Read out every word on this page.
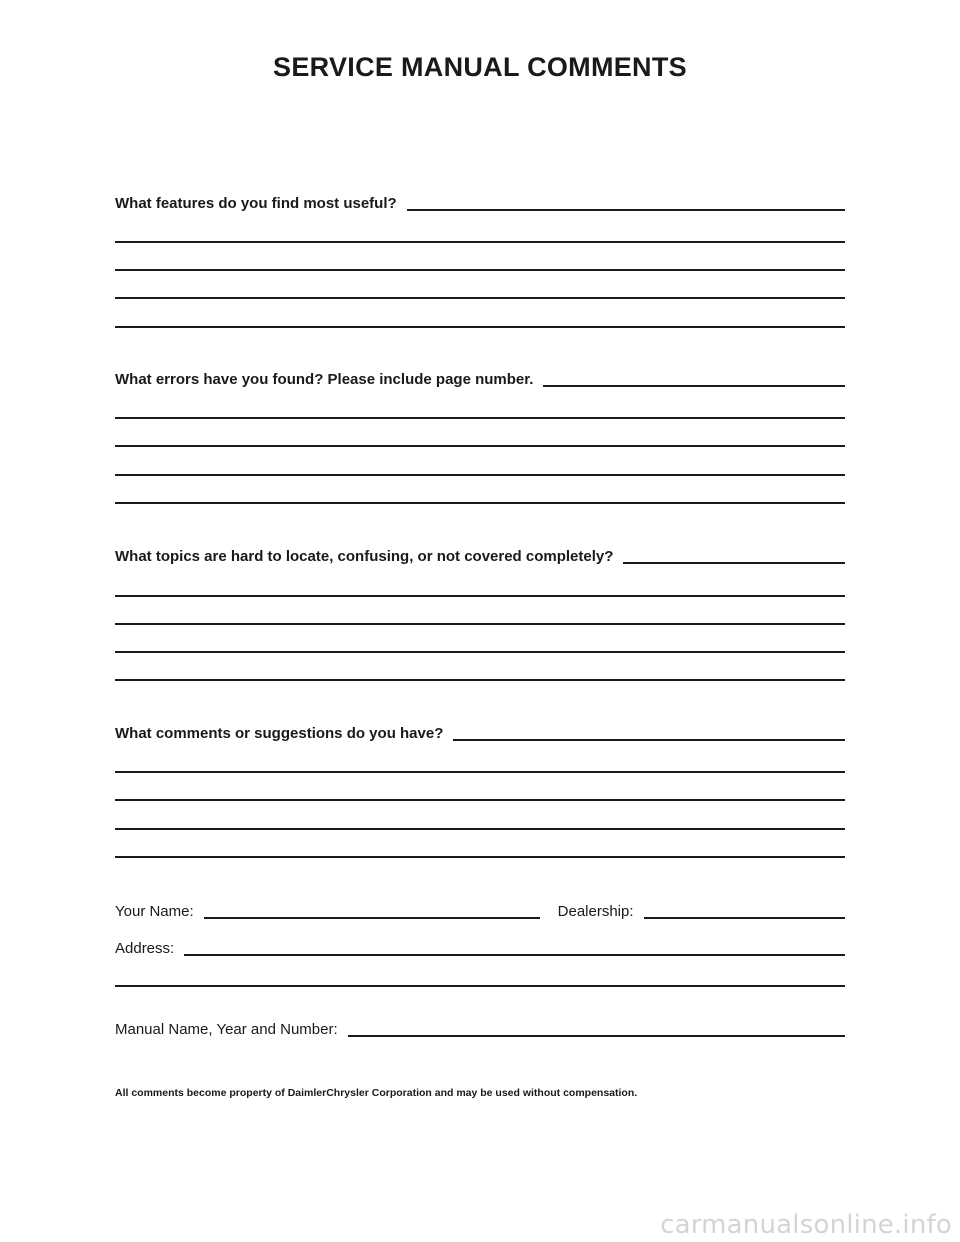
SERVICE MANUAL COMMENTS
What features do you find most useful?
What errors have you found? Please include page number.
What topics are hard to locate, confusing, or not covered completely?
What comments or suggestions do you have?
Your Name:	Dealership:
Address:
Manual Name, Year and Number:
All comments become property of DaimlerChrysler Corporation and may be used without compensation.
carmanualsonline.info
